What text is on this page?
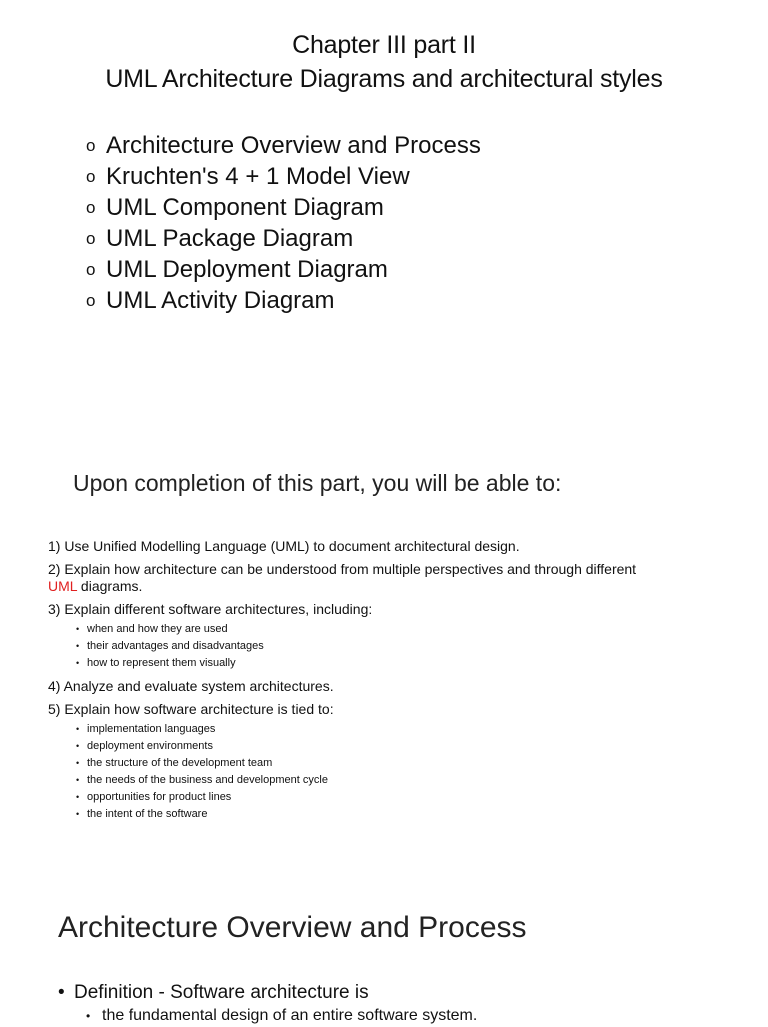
Chapter III part II
UML Architecture Diagrams and architectural styles
o Architecture Overview and Process
o Kruchten's 4 + 1 Model View
o UML Component Diagram
o UML Package Diagram
o UML Deployment Diagram
o UML Activity Diagram
Upon completion of this part, you will be able to:
1) Use Unified Modelling Language (UML) to document architectural design.
2) Explain how architecture can be understood from multiple perspectives and through different
UML diagrams.
3) Explain different software architectures, including:
• when and how they are used
• their advantages and disadvantages
• how to represent them visually
4) Analyze and evaluate system architectures.
5) Explain how software architecture is tied to:
• implementation languages
• deployment environments
• the structure of the development team
• the needs of the business and development cycle
• opportunities for product lines
• the intent of the software
Architecture Overview and Process
• Definition - Software architecture is
• the fundamental design of an entire software system.
